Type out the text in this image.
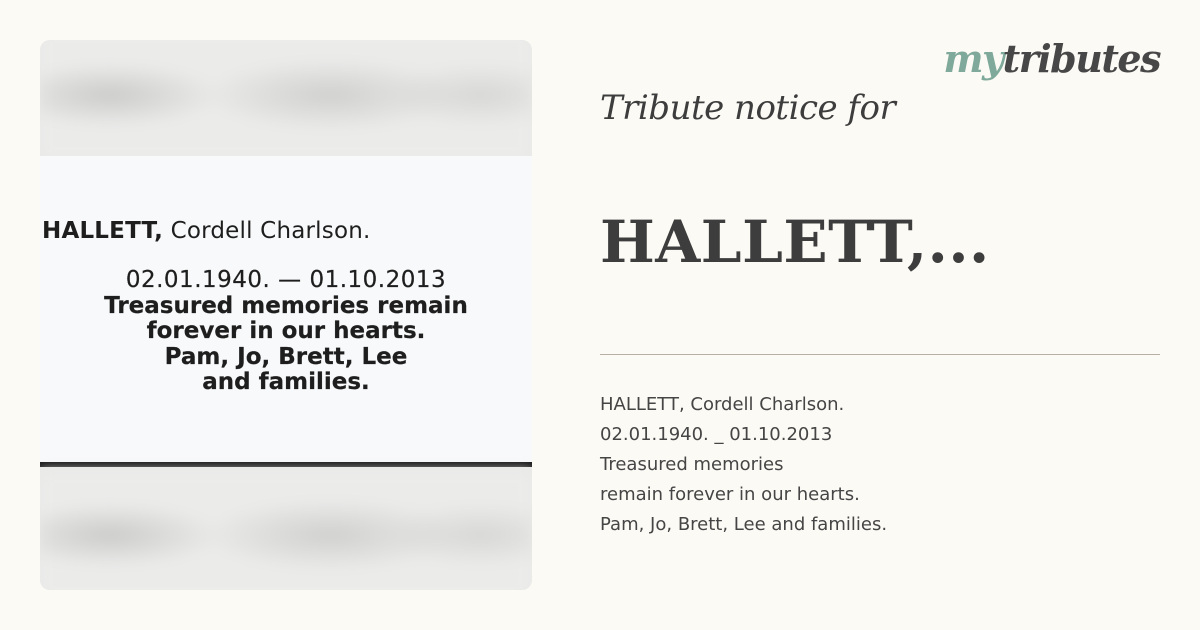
HALLETT, Cordell Charlson.
02.01.1940. — 01.10.2013
Treasured memories remain
forever in our hearts.
Pam, Jo, Brett, Lee
and families.
mytributes
Tribute notice for
HALLETT,...
HALLETT, Cordell Charlson.
02.01.1940. _ 01.10.2013
Treasured memories
remain forever in our hearts.
Pam, Jo, Brett, Lee and families.
